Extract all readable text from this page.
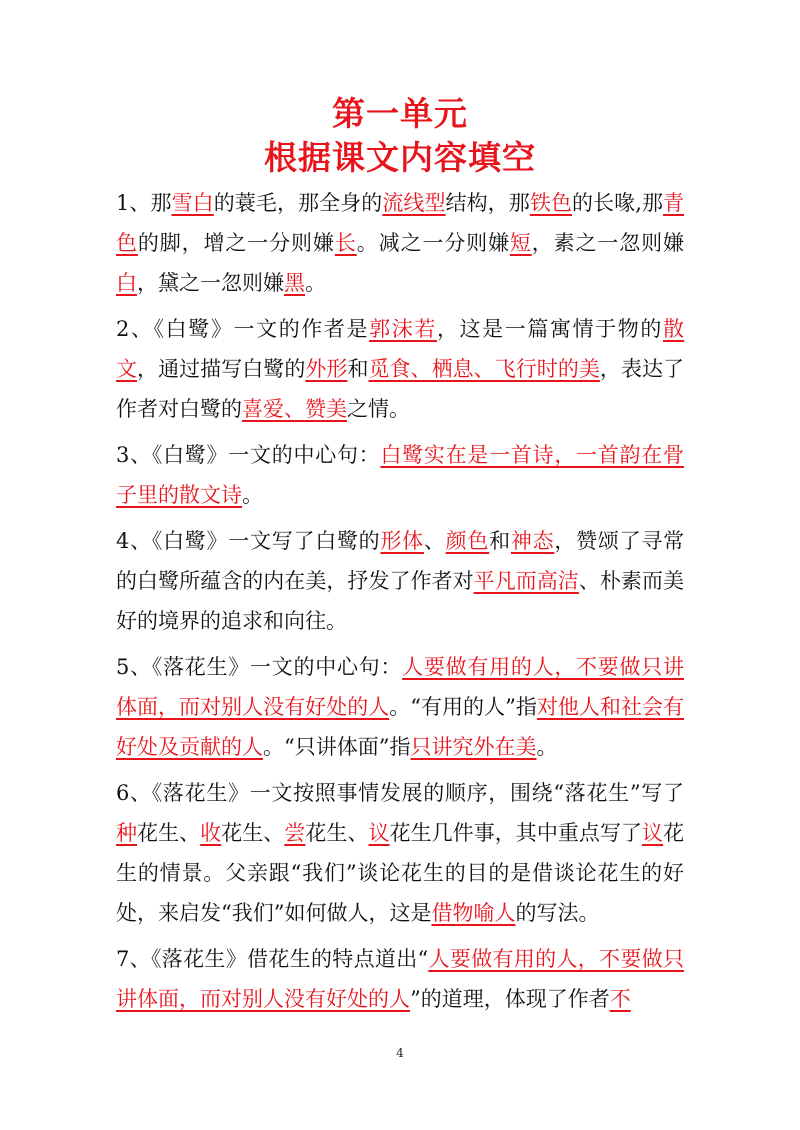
第一单元
根据课文内容填空

1、那雪白的蓑毛，那全身的流线型结构，那铁色的长喙,那青色的脚，增之一分则嫌长。减之一分则嫌短，素之一忽则嫌白，黛之一忽则嫌黑。

2、《白鹭》一文的作者是郭沫若，这是一篇寓情于物的散文，通过描写白鹭的外形和觅食、栖息、飞行时的美，表达了作者对白鹭的喜爱、赞美之情。

3、《白鹭》一文的中心句：白鹭实在是一首诗，一首韵在骨子里的散文诗。

4、《白鹭》一文写了白鹭的形体、颜色和神态，赞颂了寻常的白鹭所蕴含的内在美，抒发了作者对平凡而高洁、朴素而美好的境界的追求和向往。

5、《落花生》一文的中心句：人要做有用的人，不要做只讲体面，而对别人没有好处的人。“有用的人”指对他人和社会有好处及贡献的人。“只讲体面”指只讲究外在美。

6、《落花生》一文按照事情发展的顺序，围绕“落花生”写了种花生、收花生、尝花生、议花生几件事，其中重点写了议花生的情景。父亲跟“我们”谈论花生的目的是借谈论花生的好处，来启发“我们”如何做人，这是借物喻人的写法。

7、《落花生》借花生的特点道出“人要做有用的人，不要做只讲体面，而对别人没有好处的人”的道理，体现了作者不

4
